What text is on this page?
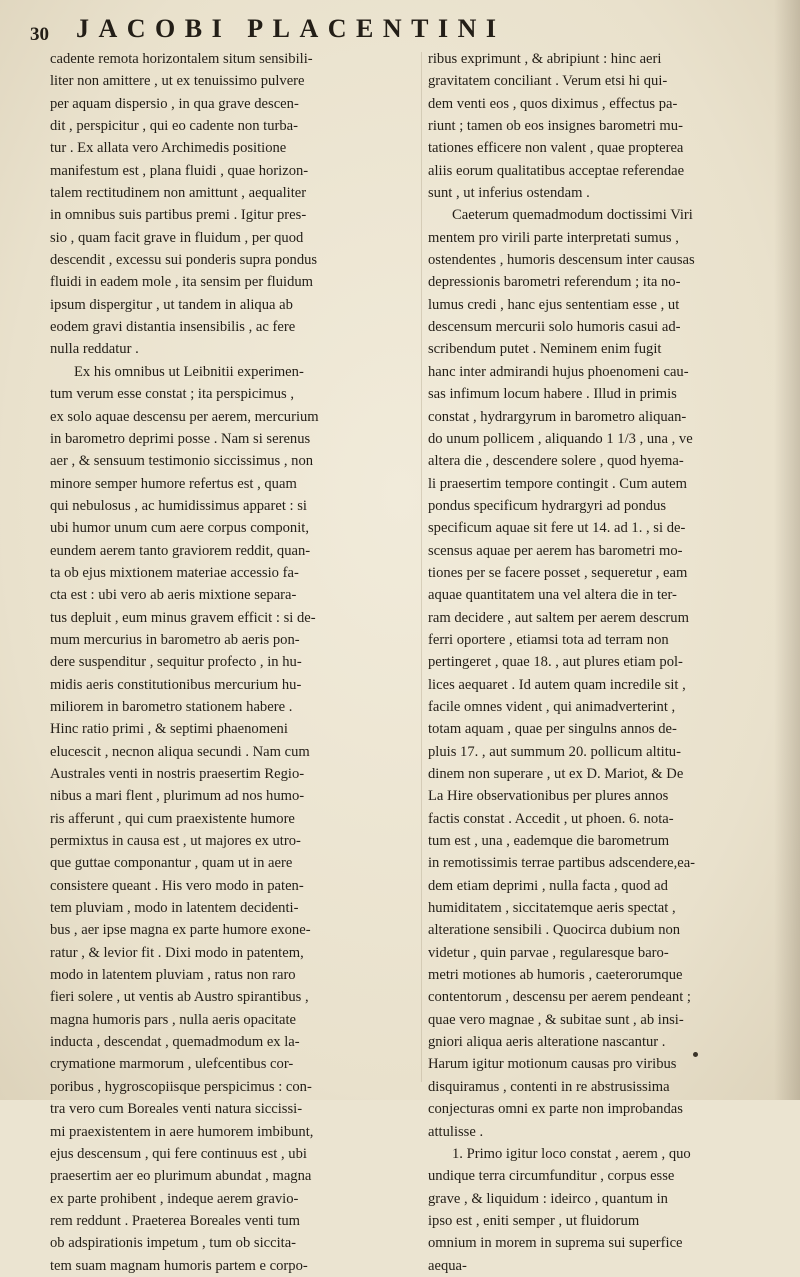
30 JACOBI PLACENTINI
cadente remota horizontalem situm sensibili-
liter non amittere , ut ex tenuissimo pulvere
per aquam dispersio , in qua grave descen-
dit , perspicitur , qui eo cadente non turba-
tur . Ex allata vero Archimedis positione
manifestum est , plana fluidi , quae horizon-
talem rectitudinem non amittunt , aequaliter
in omnibus suis partibus premi . Igitur pres-
sio , quam facit grave in fluidum , per quod
descendit , excessu sui ponderis supra pondus
fluidi in eadem mole , ita sensim per fluidum
ipsum dispergitur , ut tandem in aliqua ab
eodem gravi distantia insensibilis , ac fere
nulla reddatur .
Ex his omnibus ut Leibnitii experimen-
tum verum esse constat ; ita perspicimus ,
ex solo aquae descensu per aerem, mercurium
in barometro deprimi posse . Nam si serenus
aer , & sensuum testimonio siccissimus , non
minore semper humore refertus est , quam
qui nebulosus , ac humidissimus apparet : si
ubi humor unum cum aere corpus componit,
eundem aerem tanto graviorem reddit, quan-
ta ob ejus mixtionem materiae accessio fa-
cta est : ubi vero ab aeris mixtione separa-
tus depluit , eum minus gravem efficit : si de-
mum mercurius in barometro ab aeris pon-
dere suspenditur , sequitur profecto , in hu-
midis aeris constitutionibus mercurium hu-
miliorem in barometro stationem habere .
Hinc ratio primi , & septimi phaenomeni
elucescit , necnon aliqua secundi . Nam cum
Australes venti in nostris praesertim Regio-
nibus a mari flent , plurimum ad nos humo-
ris afferunt , qui cum praexistente humore
permixtus in causa est , ut majores ex utro-
que guttae componantur , quam ut in aere
consistere queant . His vero modo in paten-
tem pluviam , modo in latentem decidenti-
bus , aer ipse magna ex parte humore exone-
ratur , & levior fit . Dixi modo in patentem,
modo in latentem pluviam , ratus non raro
fieri solere , ut ventis ab Austro spirantibus ,
magna humoris pars , nulla aeris opacitate
inducta , descendat , quemadmodum ex la-
crymatione marmorum , ulefcentibus cor-
poribus , hygroscopiisque perspicimus : con-
tra vero cum Boreales venti natura siccissi-
mi praexistentem in aere humorem imbibunt,
ejus descensum , qui fere continuus est , ubi
praesertim aer eo plurimum abundat , magna
ex parte prohibent , indeque aerem gravio-
rem reddunt . Praeterea Boreales venti tum
ob adspirationis impetum , tum ob siccita-
tem suam magnam humoris partem e corpo-
ribus exprimunt , & abripiunt : hinc aeri
gravitatem conciliant . Verum etsi hi qui-
dem venti eos , quos diximus , effectus pa-
riunt ; tamen ob eos insignes barometri mu-
tationes efficere non valent , quae propterea
aliis eorum qualitatibus acceptae referendae
sunt , ut inferius ostendam .
Caeterum quemadmodum doctissimi Viri
mentem pro virili parte interpretati sumus ,
ostendentes , humoris descensum inter causas
depressionis barometri referendum ; ita no-
lumus credi , hanc ejus sententiam esse , ut
descensum mercurii solo humoris casui ad-
scribendum putet . Neminem enim fugit
hanc inter admirandi hujus phoenomeni cau-
sas infimum locum habere . Illud in primis
constat , hydrargyrum in barometro aliquan-
do unum pollicem , aliquando 1 1/3 , una , ve
altera die , descendere solere , quod hyema-
li praesertim tempore contingit . Cum autem
pondus specificum hydrargyri ad pondus
specificum aquae sit fere ut 14. ad 1. , si de-
scensus aquae per aerem has barometri mo-
tiones per se facere posset , sequeretur , eam
aquae quantitatem una vel altera die in ter-
ram decidere , aut saltem per aerem descrum
ferri oportere , etiamsi tota ad terram non
pertingeret , quae 18. , aut plures etiam pol-
lices aequaret . Id autem quam incredile sit ,
facile omnes vident , qui animadverterint ,
totam aquam , quae per singulns annos de-
pluis 17. , aut summum 20. pollicum altitu-
dinem non superare , ut ex D. Mariot, & De
La Hire observationibus per plures annos
factis constat . Accedit , ut phoen. 6. nota-
tum est , una , eademque die barometrum
in remotissimis terrae partibus adscendere,ea-
dem etiam deprimi , nulla facta , quod ad
humiditatem , siccitatemque aeris spectat ,
alteratione sensibili . Quocirca dubium non
videtur , quin parvae , regularesque baro-
metri motiones ab humoris , caeterorumque
contentorum , descensu per aerem pendeant ;
quae vero magnae , & subitae sunt , ab insi-
gniori aliqua aeris alteratione nascantur .
Harum igitur motionum causas pro viribus
disquiramus , contenti in re abstrusissima
conjecturas omni ex parte non improbandas
attulisse .
1. Primo igitur loco constat , aerem , quo
undique terra circumfunditur , corpus esse
grave , & liquidum : ideirco , quantum in
ipso est , eniti semper , ut fluidorum
omnium in morem in suprema sui superfice
aequa-
